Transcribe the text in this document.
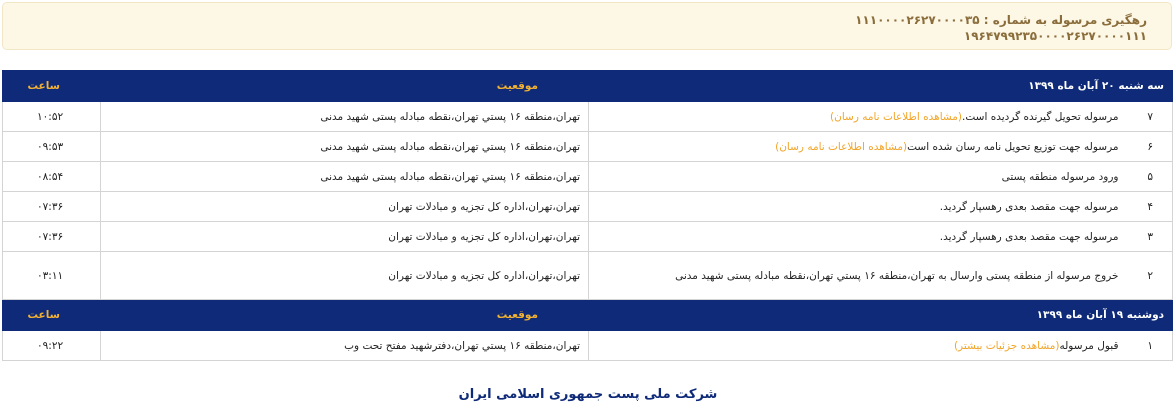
رهگیری مرسوله به شماره : ۱۱۱۰۰۰۰۲۶۲۷۰۰۰۰۳۵
۱۹۶۴۷۹۹۲۳۵۰۰۰۰۲۶۲۷۰۰۰۰۱۱۱
سه شنبه ۲۰ آبان ماه ۱۳۹۹		موقعیت	ساعت
۷	مرسوله تحویل گیرنده گردیده است.(مشاهده اطلاعات نامه رسان)	تهران،منطقه ۱۶ پستي تهران،نقطه مبادله پستی شهید مدنی	۱۰:۵۲
۶	مرسوله جهت توزیع تحویل نامه رسان شده است(مشاهده اطلاعات نامه رسان)	تهران،منطقه ۱۶ پستي تهران،نقطه مبادله پستی شهید مدنی	۰۹:۵۳
۵	ورود مرسوله منطقه پستی	تهران،منطقه ۱۶ پستي تهران،نقطه مبادله پستی شهید مدنی	۰۸:۵۴
۴	مرسوله جهت مقصد بعدی رهسپار گردید.	تهران،تهران،اداره کل تجزیه و مبادلات تهران	۰۷:۳۶
۳	مرسوله جهت مقصد بعدی رهسپار گردید.	تهران،تهران،اداره کل تجزیه و مبادلات تهران	۰۷:۳۶
۲	خروج مرسوله از منطقه پستی وارسال به تهران،منطقه ۱۶ پستي تهران،نقطه مبادله پستی شهید مدنی	تهران،تهران،اداره کل تجزیه و مبادلات تهران	۰۳:۱۱
دوشنبه ۱۹ آبان ماه ۱۳۹۹		موقعیت	ساعت
۱	قبول مرسوله(مشاهده جزئیات بیشتر)	تهران،منطقه ۱۶ پستي تهران،دفترشهید مفتح تحت وب	۰۹:۲۲
شرکت ملی پست جمهوری اسلامی ایران
